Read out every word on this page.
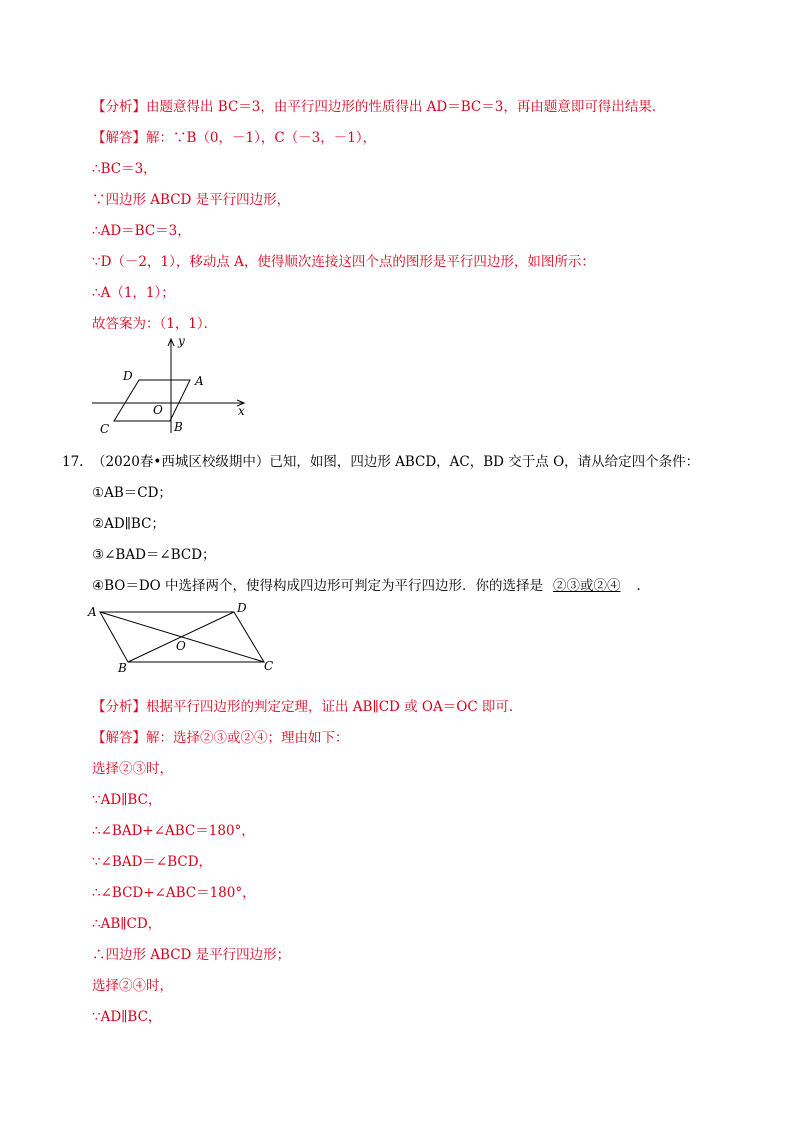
【分析】由题意得出 BC＝3，由平行四边形的性质得出 AD＝BC＝3，再由题意即可得出结果．
【解答】解：∵B（0，－1），C（－3，－1），
∴BC＝3，
∵四边形 ABCD 是平行四边形，
∴AD＝BC＝3，
∵D（－2，1），移动点 A，使得顺次连接这四个点的图形是平行四边形，如图所示：
∴A（1，1）；
故答案为：（1，1）．
y
x
D	A
O
C	B
17. （2020春•西城区校级期中）已知，如图，四边形 ABCD，AC，BD 交于点 O，请从给定四个条件：
①AB＝CD；
②AD∥BC；
③∠BAD＝∠BCD；
④BO＝DO 中选择两个，使得构成四边形可判定为平行四边形．你的选择是 ②③或②④ ．
A	D
O
B	C
【分析】根据平行四边形的判定定理，证出 AB∥CD 或 OA＝OC 即可．
【解答】解：选择②③或②④；理由如下：
选择②③时，
∵AD∥BC，
∴∠BAD+∠ABC＝180°，
∵∠BAD＝∠BCD，
∴∠BCD+∠ABC＝180°，
∴AB∥CD，
∴四边形 ABCD 是平行四边形；
选择②④时，
∵AD∥BC，
